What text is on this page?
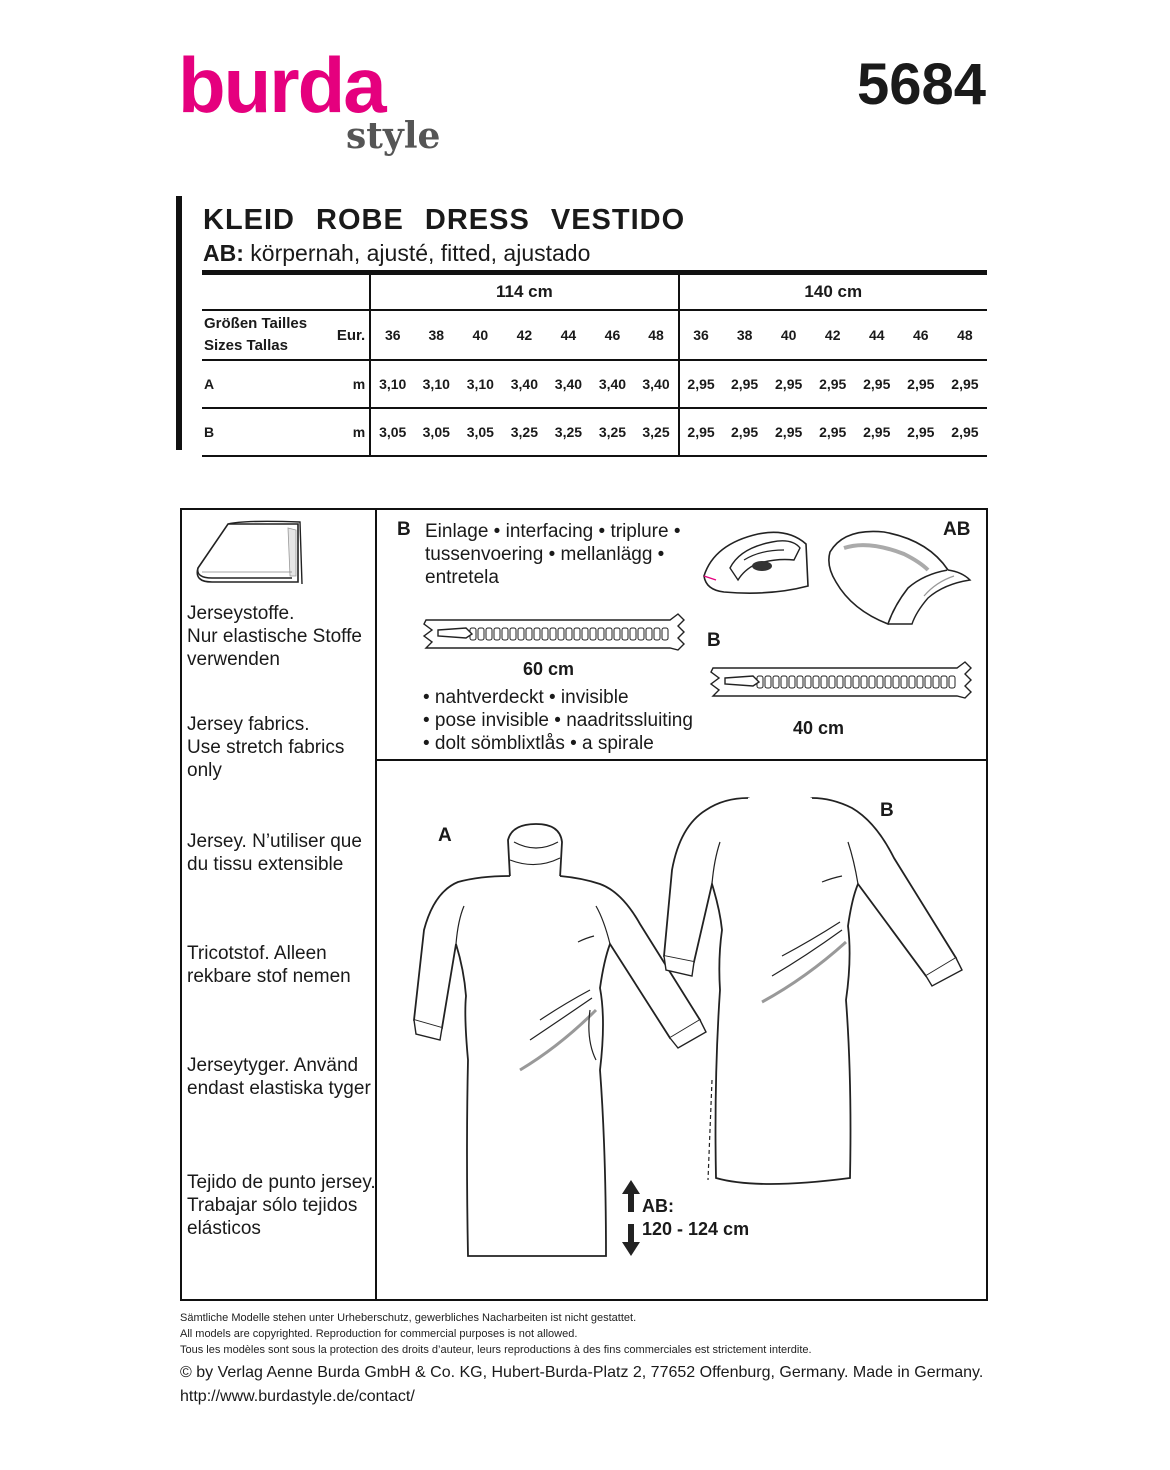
burda
style
5684
KLEID ROBE DRESS VESTIDO
AB: körpernah, ajusté, fitted, ajustado
		114 cm							140 cm						
Größen Tailles
Sizes Tallas	Eur.	36	38	40	42	44	46	48	36	38	40	42	44	46	48
A	m	3,10	3,10	3,10	3,40	3,40	3,40	3,40	2,95	2,95	2,95	2,95	2,95	2,95	2,95
B	m	3,05	3,05	3,05	3,25	3,25	3,25	3,25	2,95	2,95	2,95	2,95	2,95	2,95	2,95
Jerseystoffe.
Nur elastische Stoffe
verwenden
Jersey fabrics.
Use stretch fabrics
only
Jersey. N’utiliser que
du tissu extensible
Tricotstof. Alleen
rekbare stof nemen
Jerseytyger. Använd
endast elastiska tyger
Tejido de punto jersey.
Trabajar sólo tejidos
elásticos
B Einlage • interfacing • triplure •
tussenvoering • mellanlägg •
entretela
AB
60 cm
• nahtverdeckt • invisible
• pose invisible • naadritssluiting
• dolt sömblixtlås • a spirale
B
40 cm
A
B
AB:
120 - 124 cm
Sämtliche Modelle stehen unter Urheberschutz, gewerbliches Nacharbeiten ist nicht gestattet.
All models are copyrighted. Reproduction for commercial purposes is not allowed.
Tous les modèles sont sous la protection des droits d’auteur, leurs reproductions à des fins commerciales est strictement interdite.
© by Verlag Aenne Burda GmbH & Co. KG, Hubert-Burda-Platz 2, 77652 Offenburg, Germany. Made in Germany.
http://www.burdastyle.de/contact/
